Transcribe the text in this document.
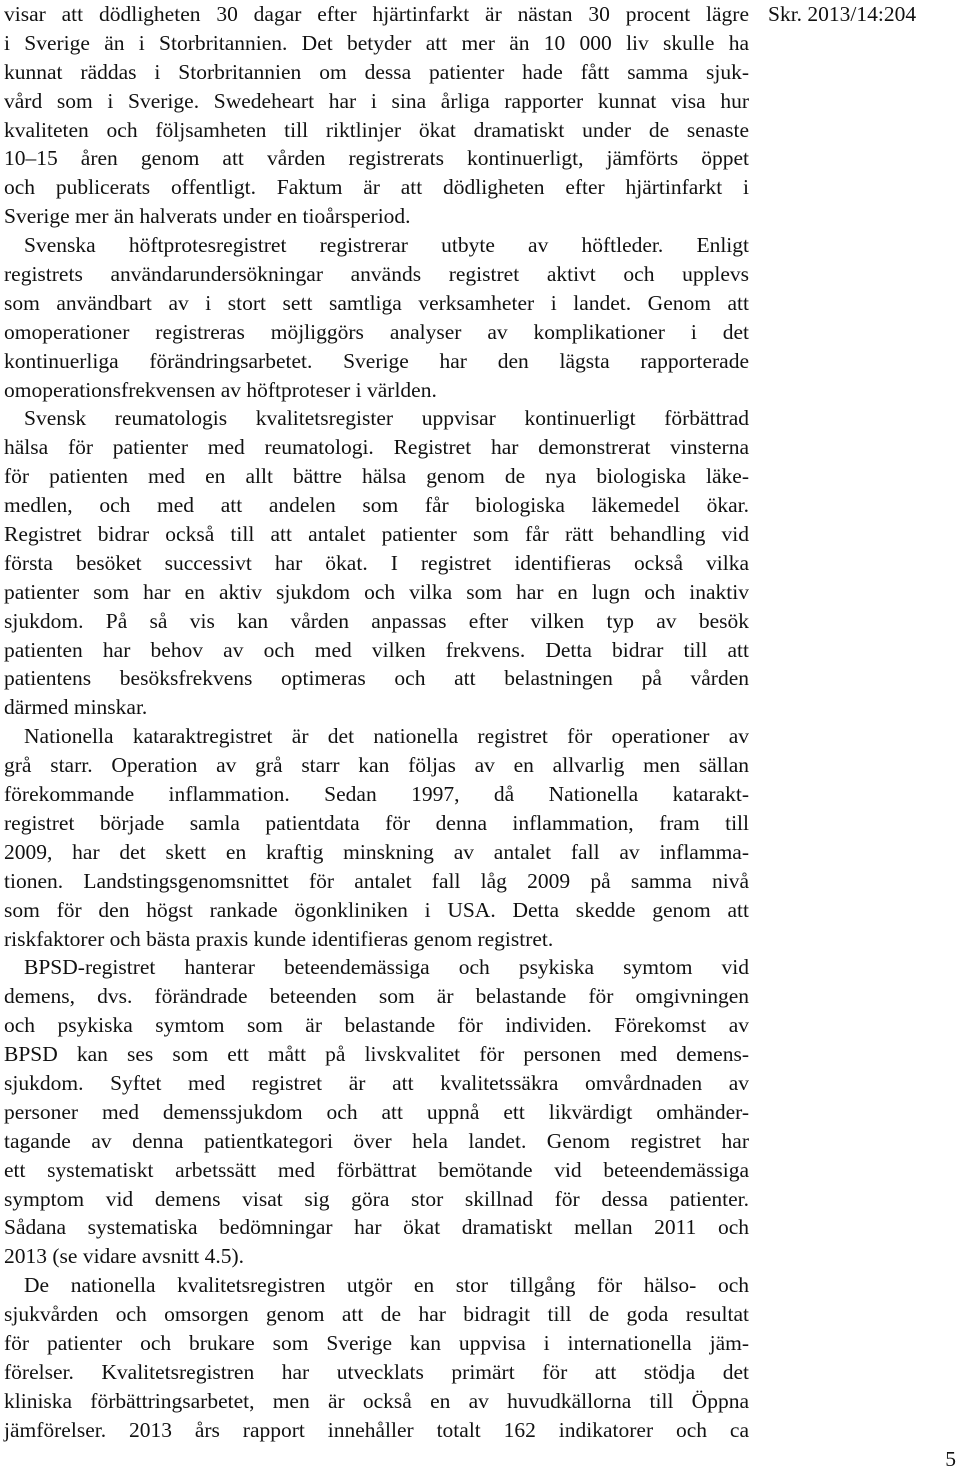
visar att dödligheten 30 dagar efter hjärtinfarkt är nästan 30 procent lägre
i Sverige än i Storbritannien. Det betyder att mer än 10 000 liv skulle ha
kunnat räddas i Storbritannien om dessa patienter hade fått samma sjuk-
vård som i Sverige. Swedeheart har i sina årliga rapporter kunnat visa hur
kvaliteten och följsamheten till riktlinjer ökat dramatiskt under de senaste
10–15 åren genom att vården registrerats kontinuerligt, jämförts öppet
och publicerats offentligt. Faktum är att dödligheten efter hjärtinfarkt i
Sverige mer än halverats under en tioårsperiod.
Svenska höftprotesregistret registrerar utbyte av höftleder. Enligt
registrets användarundersökningar används registret aktivt och upplevs
som användbart av i stort sett samtliga verksamheter i landet. Genom att
omoperationer registreras möjliggörs analyser av komplikationer i det
kontinuerliga förändringsarbetet. Sverige har den lägsta rapporterade
omoperationsfrekvensen av höftproteser i världen.
Svensk reumatologis kvalitetsregister uppvisar kontinuerligt förbättrad
hälsa för patienter med reumatologi. Registret har demonstrerat vinsterna
för patienten med en allt bättre hälsa genom de nya biologiska läke-
medlen, och med att andelen som får biologiska läkemedel ökar.
Registret bidrar också till att antalet patienter som får rätt behandling vid
första besöket successivt har ökat. I registret identifieras också vilka
patienter som har en aktiv sjukdom och vilka som har en lugn och inaktiv
sjukdom. På så vis kan vården anpassas efter vilken typ av besök
patienten har behov av och med vilken frekvens. Detta bidrar till att
patientens besöksfrekvens optimeras och att belastningen på vården
därmed minskar.
Nationella kataraktregistret är det nationella registret för operationer av
grå starr. Operation av grå starr kan följas av en allvarlig men sällan
förekommande inflammation. Sedan 1997, då Nationella katarakt-
registret började samla patientdata för denna inflammation, fram till
2009, har det skett en kraftig minskning av antalet fall av inflamma-
tionen. Landstingsgenomsnittet för antalet fall låg 2009 på samma nivå
som för den högst rankade ögonkliniken i USA. Detta skedde genom att
riskfaktorer och bästa praxis kunde identifieras genom registret.
BPSD-registret hanterar beteendemässiga och psykiska symtom vid
demens, dvs. förändrade beteenden som är belastande för omgivningen
och psykiska symtom som är belastande för individen. Förekomst av
BPSD kan ses som ett mått på livskvalitet för personen med demens-
sjukdom. Syftet med registret är att kvalitetssäkra omvårdnaden av
personer med demenssjukdom och att uppnå ett likvärdigt omhänder-
tagande av denna patientkategori över hela landet. Genom registret har
ett systematiskt arbetssätt med förbättrat bemötande vid beteendemässiga
symptom vid demens visat sig göra stor skillnad för dessa patienter.
Sådana systematiska bedömningar har ökat dramatiskt mellan 2011 och
2013 (se vidare avsnitt 4.5).
De nationella kvalitetsregistren utgör en stor tillgång för hälso- och
sjukvården och omsorgen genom att de har bidragit till de goda resultat
för patienter och brukare som Sverige kan uppvisa i internationella jäm-
förelser. Kvalitetsregistren har utvecklats primärt för att stödja det
kliniska förbättringsarbetet, men är också en av huvudkällorna till Öppna
jämförelser. 2013 års rapport innehåller totalt 162 indikatorer och ca
Skr. 2013/14:204
5
